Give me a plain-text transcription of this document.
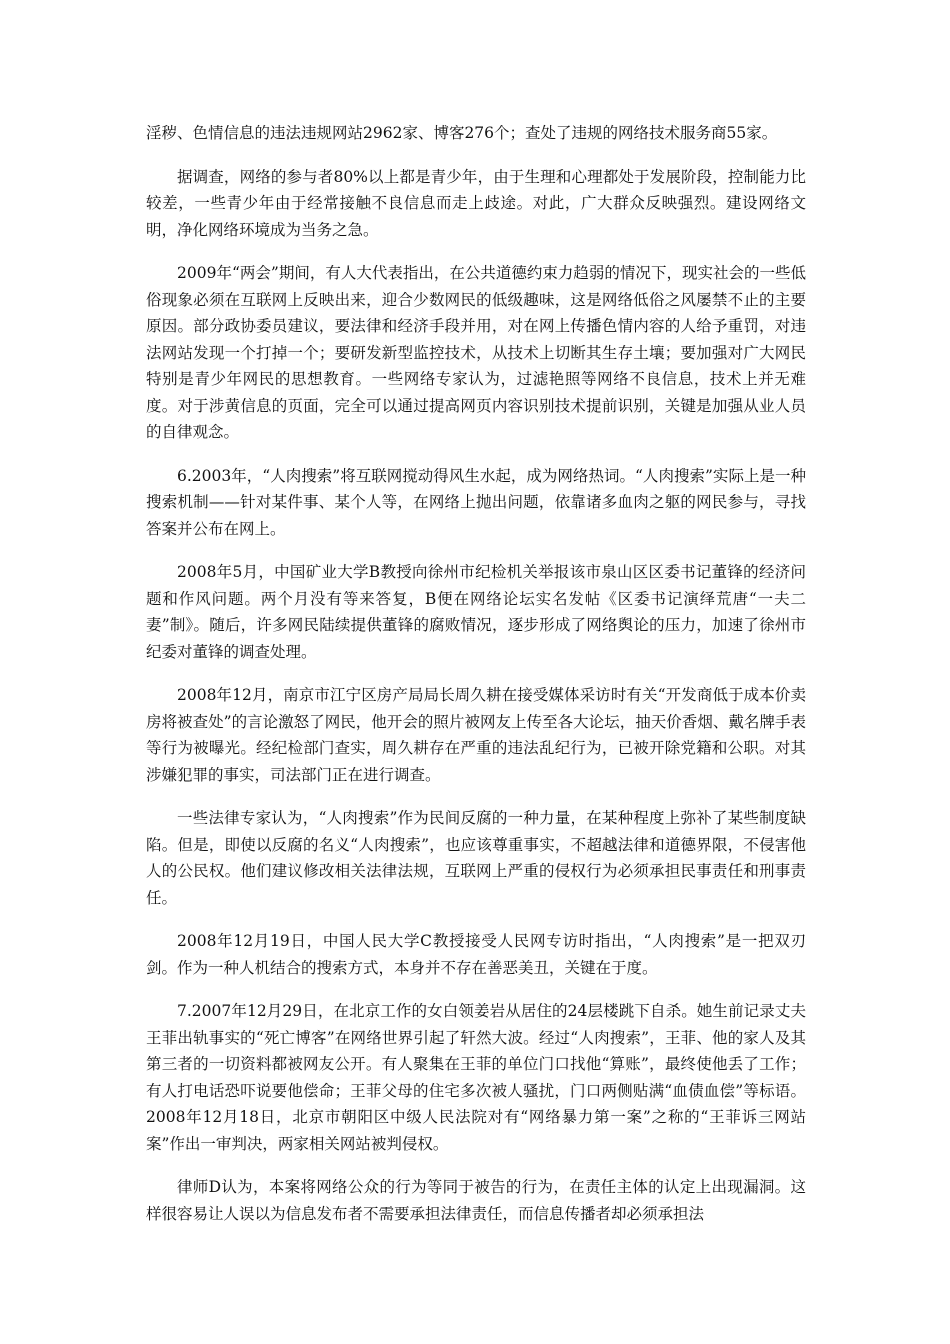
淫秽、色情信息的违法违规网站2962家、博客276个；查处了违规的网络技术服务商55家。

据调查，网络的参与者80%以上都是青少年，由于生理和心理都处于发展阶段，控制能力比较差，一些青少年由于经常接触不良信息而走上歧途。对此，广大群众反映强烈。建设网络文明，净化网络环境成为当务之急。

2009年“两会”期间，有人大代表指出，在公共道德约束力趋弱的情况下，现实社会的一些低俗现象必须在互联网上反映出来，迎合少数网民的低级趣味，这是网络低俗之风屡禁不止的主要原因。部分政协委员建议，要法律和经济手段并用，对在网上传播色情内容的人给予重罚，对违法网站发现一个打掉一个；要研发新型监控技术，从技术上切断其生存土壤；要加强对广大网民特别是青少年网民的思想教育。一些网络专家认为，过滤艳照等网络不良信息，技术上并无难度。对于涉黄信息的页面，完全可以通过提高网页内容识别技术提前识别，关键是加强从业人员的自律观念。

6.2003年，“人肉搜索”将互联网搅动得风生水起，成为网络热词。“人肉搜索”实际上是一种搜索机制——针对某件事、某个人等，在网络上抛出问题，依靠诸多血肉之躯的网民参与，寻找答案并公布在网上。

2008年5月，中国矿业大学B教授向徐州市纪检机关举报该市泉山区区委书记董锋的经济问题和作风问题。两个月没有等来答复，B便在网络论坛实名发帖《区委书记演绎荒唐“一夫二妻”制》。随后，许多网民陆续提供董锋的腐败情况，逐步形成了网络舆论的压力，加速了徐州市纪委对董锋的调查处理。

2008年12月，南京市江宁区房产局局长周久耕在接受媒体采访时有关“开发商低于成本价卖房将被查处”的言论激怒了网民，他开会的照片被网友上传至各大论坛，抽天价香烟、戴名牌手表等行为被曝光。经纪检部门查实，周久耕存在严重的违法乱纪行为，已被开除党籍和公职。对其涉嫌犯罪的事实，司法部门正在进行调查。

一些法律专家认为，“人肉搜索”作为民间反腐的一种力量，在某种程度上弥补了某些制度缺陷。但是，即使以反腐的名义“人肉搜索”，也应该尊重事实，不超越法律和道德界限，不侵害他人的公民权。他们建议修改相关法律法规，互联网上严重的侵权行为必须承担民事责任和刑事责任。

2008年12月19日，中国人民大学C教授接受人民网专访时指出，“人肉搜索”是一把双刃剑。作为一种人机结合的搜索方式，本身并不存在善恶美丑，关键在于度。

7.2007年12月29日，在北京工作的女白领姜岩从居住的24层楼跳下自杀。她生前记录丈夫王菲出轨事实的“死亡博客”在网络世界引起了轩然大波。经过“人肉搜索”，王菲、他的家人及其第三者的一切资料都被网友公开。有人聚集在王菲的单位门口找他“算账”，最终使他丢了工作；有人打电话恐吓说要他偿命；王菲父母的住宅多次被人骚扰，门口两侧贴满“血债血偿”等标语。2008年12月18日，北京市朝阳区中级人民法院对有“网络暴力第一案”之称的“王菲诉三网站案”作出一审判决，两家相关网站被判侵权。

律师D认为，本案将网络公众的行为等同于被告的行为，在责任主体的认定上出现漏洞。这样很容易让人误以为信息发布者不需要承担法律责任，而信息传播者却必须承担法
